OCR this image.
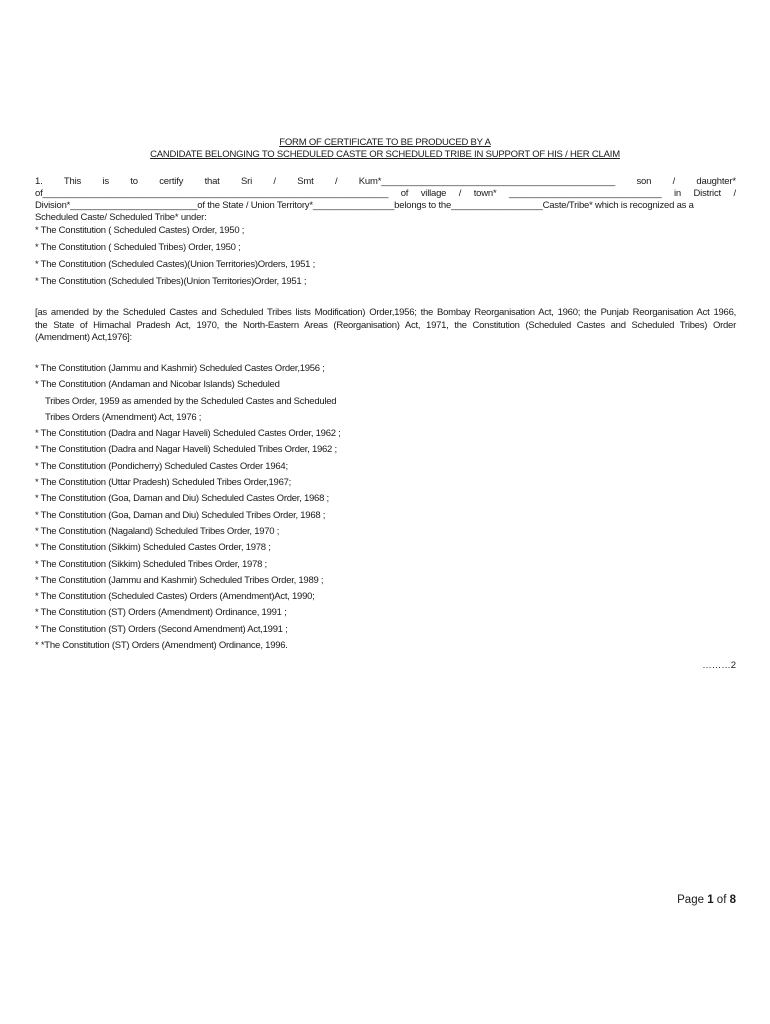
FORM OF CERTIFICATE TO BE PRODUCED BY A
CANDIDATE BELONGING TO SCHEDULED CASTE OR SCHEDULED TRIBE IN SUPPORT OF HIS / HER CLAIM
1. This is to certify that Sri / Smt / Kum*______________________________________________ son / daughter*
of____________________________________________________________________ of village / town* ______________________________ in District /
Division*_________________________of the State / Union Territory*________________belongs to the__________________Caste/Tribe* which is recognized as a
Scheduled Caste/ Scheduled Tribe* under:
* The Constitution ( Scheduled Castes) Order, 1950 ;
* The Constitution ( Scheduled Tribes) Order, 1950 ;
* The Constitution (Scheduled Castes)(Union Territories)Orders, 1951 ;
* The Constitution (Scheduled Tribes)(Union Territories)Order, 1951 ;
[as amended by the Scheduled Castes and Scheduled Tribes lists Modification) Order,1956; the Bombay Reorganisation Act, 1960; the Punjab Reorganisation Act 1966,
the State of Himachal Pradesh Act, 1970, the North-Eastern Areas (Reorganisation) Act, 1971, the Constitution (Scheduled Castes and Scheduled Tribes) Order
(Amendment) Act,1976]:
* The Constitution (Jammu and Kashmir) Scheduled Castes Order,1956 ;
* The Constitution (Andaman and Nicobar Islands) Scheduled
Tribes Order, 1959 as amended by the Scheduled Castes and Scheduled
Tribes Orders (Amendment) Act, 1976 ;
* The Constitution (Dadra and Nagar Haveli) Scheduled Castes Order, 1962 ;
* The Constitution (Dadra and Nagar Haveli) Scheduled Tribes Order, 1962 ;
* The Constitution (Pondicherry) Scheduled Castes Order 1964;
* The Constitution (Uttar Pradesh) Scheduled Tribes Order,1967;
* The Constitution (Goa, Daman and Diu) Scheduled Castes Order, 1968 ;
* The Constitution (Goa, Daman and Diu) Scheduled Tribes Order, 1968 ;
* The Constitution (Nagaland) Scheduled Tribes Order, 1970 ;
* The Constitution (Sikkim) Scheduled Castes Order, 1978 ;
* The Constitution (Sikkim) Scheduled Tribes Order, 1978 ;
* The Constitution (Jammu and Kashmir) Scheduled Tribes Order, 1989 ;
* The Constitution (Scheduled Castes) Orders (Amendment)Act, 1990;
* The Constitution (ST) Orders (Amendment) Ordinance, 1991 ;
* The Constitution (ST) Orders (Second Amendment) Act,1991 ;
* *The Constitution (ST) Orders (Amendment) Ordinance, 1996.
………2
Page 1 of 8
